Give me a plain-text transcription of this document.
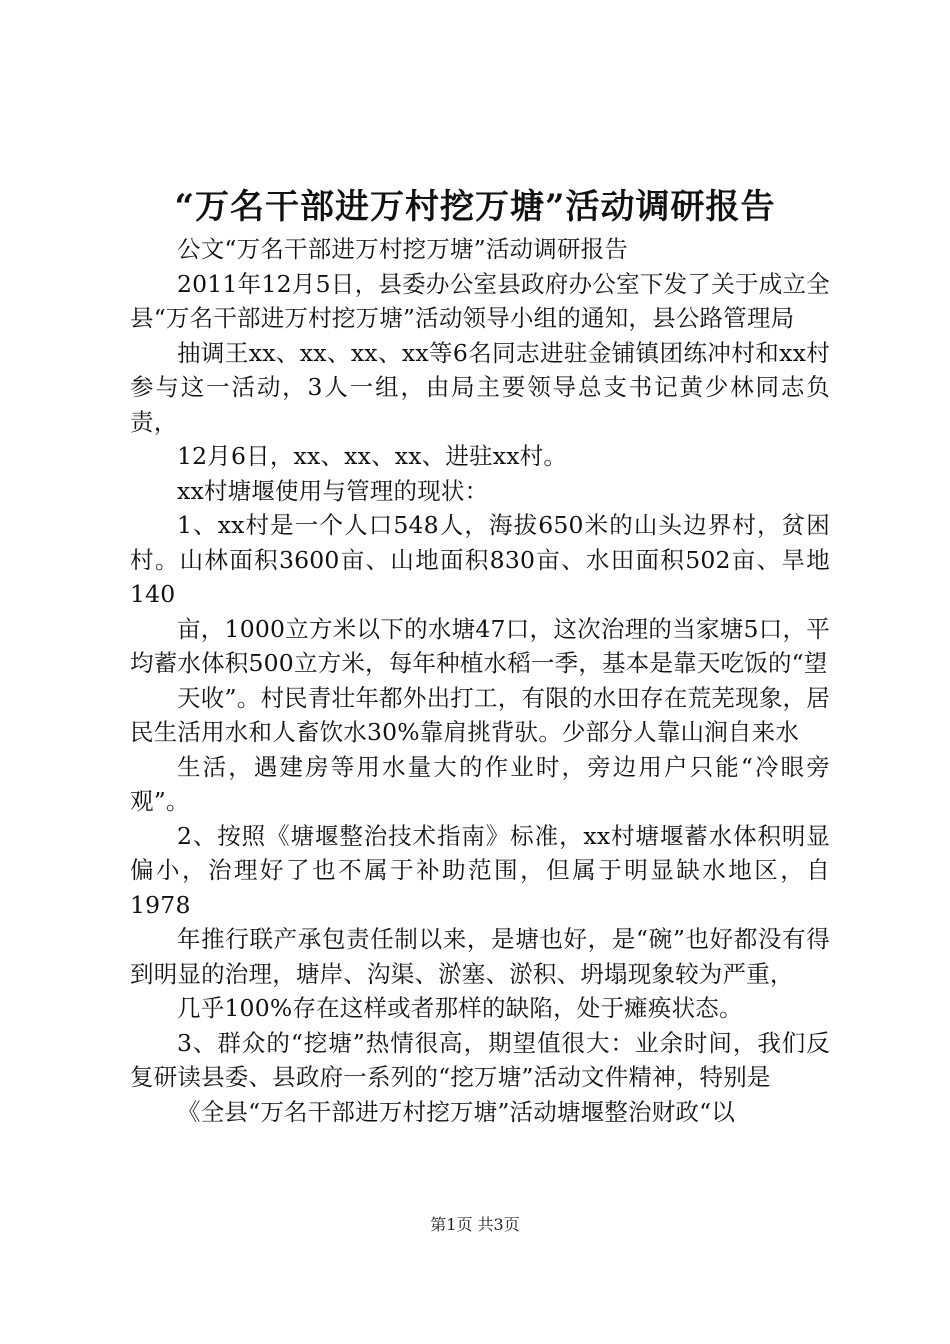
“万名干部进万村挖万塘”活动调研报告

公文“万名干部进万村挖万塘”活动调研报告

2011年12月5日，县委办公室县政府办公室下发了关于成立全县“万名干部进万村挖万塘”活动领导小组的通知，县公路管理局

抽调王xx、xx、xx、xx等6名同志进驻金铺镇团练冲村和xx村参与这一活动，3人一组，由局主要领导总支书记黄少林同志负责，

12月6日，xx、xx、xx、进驻xx村。

xx村塘堰使用与管理的现状：

1、xx村是一个人口548人，海拔650米的山头边界村，贫困村。山林面积3600亩、山地面积830亩、水田面积502亩、旱地140

亩，1000立方米以下的水塘47口，这次治理的当家塘5口，平均蓄水体积500立方米，每年种植水稻一季，基本是靠天吃饭的“望

天收”。村民青壮年都外出打工，有限的水田存在荒芜现象，居民生活用水和人畜饮水30%靠肩挑背驮。少部分人靠山涧自来水

生活，遇建房等用水量大的作业时，旁边用户只能“冷眼旁观”。

2、按照《塘堰整治技术指南》标准，xx村塘堰蓄水体积明显偏小，治理好了也不属于补助范围，但属于明显缺水地区，自1978

年推行联产承包责任制以来，是塘也好，是“碗”也好都没有得到明显的治理，塘岸、沟渠、淤塞、淤积、坍塌现象较为严重，

几乎100%存在这样或者那样的缺陷，处于瘫痪状态。

3、群众的“挖塘”热情很高，期望值很大：业余时间，我们反复研读县委、县政府一系列的“挖万塘”活动文件精神，特别是

《全县“万名干部进万村挖万塘”活动塘堰整治财政“以

第1页 共3页
